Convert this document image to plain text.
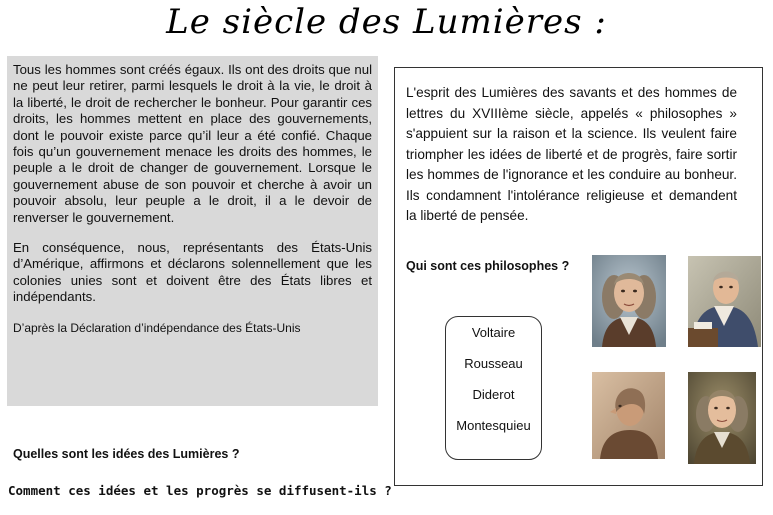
Le siècle des Lumières :

Tous les hommes sont créés égaux. Ils ont des droits que nul ne peut leur retirer, parmi lesquels le droit à la vie, le droit à la liberté, le droit de rechercher le bonheur. Pour garantir ces droits, les hommes mettent en place des gouvernements, dont le pouvoir existe parce qu’il leur a été confié. Chaque fois qu’un gouvernement menace les droits des hommes, le peuple a le droit de changer de gouvernement. Lorsque le gouvernement abuse de son pouvoir et cherche à avoir un pouvoir absolu, leur peuple a le droit, il a le devoir de renverser le gouvernement.

En conséquence, nous, représentants des États-Unis d’Amérique, affirmons et déclarons solennellement que les colonies unies sont et doivent être des États libres et indépendants.

D’après la Déclaration d’indépendance des États-Unis

Quelles sont les idées des Lumières ?
Comment ces idées et les progrès se diffusent-ils ?

L'esprit des Lumières des savants et des hommes de lettres du XVIIIème siècle, appelés « philosophes » s'appuient sur la raison et la science. Ils veulent faire triompher les idées de liberté et de progrès, faire sortir les hommes de l'ignorance et les conduire au bonheur. Ils condamnent l'intolérance religieuse et demandent la liberté de pensée.

Qui sont ces philosophes ?

Voltaire
Rousseau
Diderot
Montesquieu
